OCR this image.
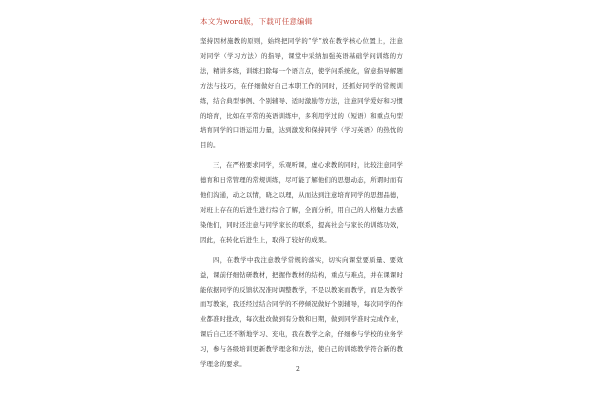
本文为word版，下载可任意编辑

坚持因材施教的原则，始终把同学的“学”放在教学核心位置上，注意对同学（学习方法）的指导，课堂中采纳加强英语基础学问训练的方法，精讲多练，训练扫除每一个语言点，使学问系统化，留意指导解题方法与技巧，在仔细做好自己本职工作的同时，还抓好同学的常规训练，结合典型事例、个别辅导、适时激励等方法，注意同学爱好和习惯的培育，比如在平常的英语训练中，多利用学过的（短语）和重点句型培育同学的口语运用力量，达到激发和保持同学（学习英语）的热忱的目的。

三，在严格要求同学，乐观听课，虚心求教的同时，比较注意同学德育和日常管理的常规训练，尽可能了解他们的思想动态，所谓时而有他们沟通，动之以情，晓之以理，从而达到注意培育同学的思想品德，对班上存在的后进生进行综合了解，全面分析，用自己的人格魅力去感染他们，同时还注意与同学家长的联系，提高社会与家长的训练功效，因此，在转化后进生上，取得了较好的成果。

四，在教学中我注意教学常规的落实，切实向课堂要质量、要效益，课前仔细钻研教材，把握作教材的结构，重点与难点，并在课课时能依据同学的反馈状况准时调整教学，不是以教案而教学，而是为教学而写教案，我还经过结合同学的不停倾况做好个别辅导，每次同学的作业都准时批改，每次批改做到有分数和日期，做到同学准时完成作业，课后自己还不断地学习、充电，我在教学之余，仔细参与学校的业务学习，参与各级培训更新教学理念和方法，使自己的训练教学符合新的教学理念的要求。

2
